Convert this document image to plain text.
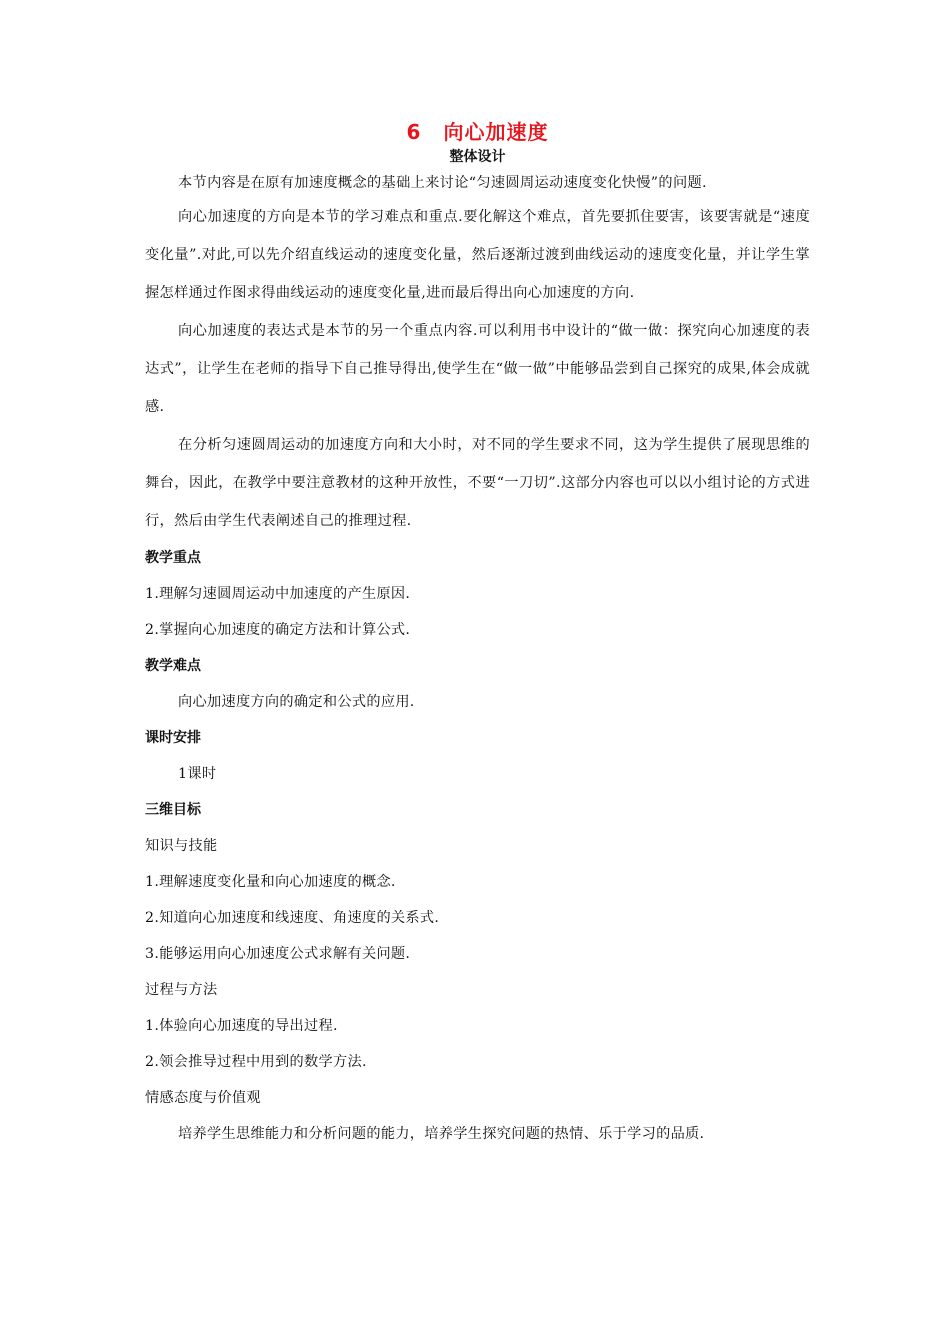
6 向心加速度
整体设计

本节内容是在原有加速度概念的基础上来讨论“匀速圆周运动速度变化快慢”的问题.

向心加速度的方向是本节的学习难点和重点.要化解这个难点，首先要抓住要害，该要害就是“速度变化量”.对此,可以先介绍直线运动的速度变化量，然后逐渐过渡到曲线运动的速度变化量，并让学生掌握怎样通过作图求得曲线运动的速度变化量,进而最后得出向心加速度的方向.

向心加速度的表达式是本节的另一个重点内容.可以利用书中设计的“做一做：探究向心加速度的表达式”，让学生在老师的指导下自己推导得出,使学生在“做一做”中能够品尝到自己探究的成果,体会成就感.

在分析匀速圆周运动的加速度方向和大小时，对不同的学生要求不同，这为学生提供了展现思维的舞台，因此，在教学中要注意教材的这种开放性，不要“一刀切”.这部分内容也可以以小组讨论的方式进行，然后由学生代表阐述自己的推理过程.

教学重点

1.理解匀速圆周运动中加速度的产生原因.

2.掌握向心加速度的确定方法和计算公式.

教学难点

向心加速度方向的确定和公式的应用.

课时安排

1课时

三维目标

知识与技能

1.理解速度变化量和向心加速度的概念.

2.知道向心加速度和线速度、角速度的关系式.

3.能够运用向心加速度公式求解有关问题.

过程与方法

1.体验向心加速度的导出过程.

2.领会推导过程中用到的数学方法.

情感态度与价值观

培养学生思维能力和分析问题的能力，培养学生探究问题的热情、乐于学习的品质.
